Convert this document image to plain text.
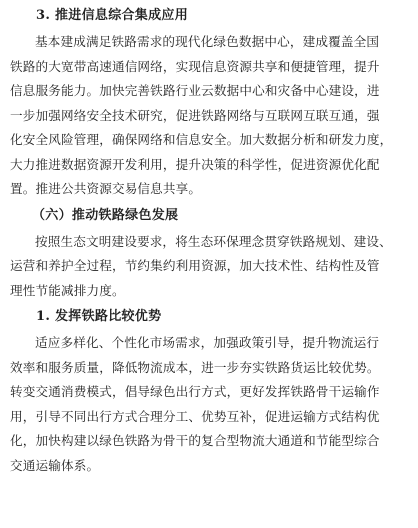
3. 推进信息综合集成应用
基本建成满足铁路需求的现代化绿色数据中心，建成覆盖全国
铁路的大宽带高速通信网络，实现信息资源共享和便捷管理，提升
信息服务能力。加快完善铁路行业云数据中心和灾备中心建设，进
一步加强网络安全技术研究，促进铁路网络与互联网互联互通，强
化安全风险管理，确保网络和信息安全。加大数据分析和研发力度，
大力推进数据资源开发利用，提升决策的科学性，促进资源优化配
置。推进公共资源交易信息共享。
（六）推动铁路绿色发展
按照生态文明建设要求，将生态环保理念贯穿铁路规划、建设、
运营和养护全过程，节约集约利用资源，加大技术性、结构性及管
理性节能减排力度。
1. 发挥铁路比较优势
适应多样化、个性化市场需求，加强政策引导，提升物流运行
效率和服务质量，降低物流成本，进一步夯实铁路货运比较优势。
转变交通消费模式，倡导绿色出行方式，更好发挥铁路骨干运输作
用，引导不同出行方式合理分工、优势互补，促进运输方式结构优
化，加快构建以绿色铁路为骨干的复合型物流大通道和节能型综合
交通运输体系。
